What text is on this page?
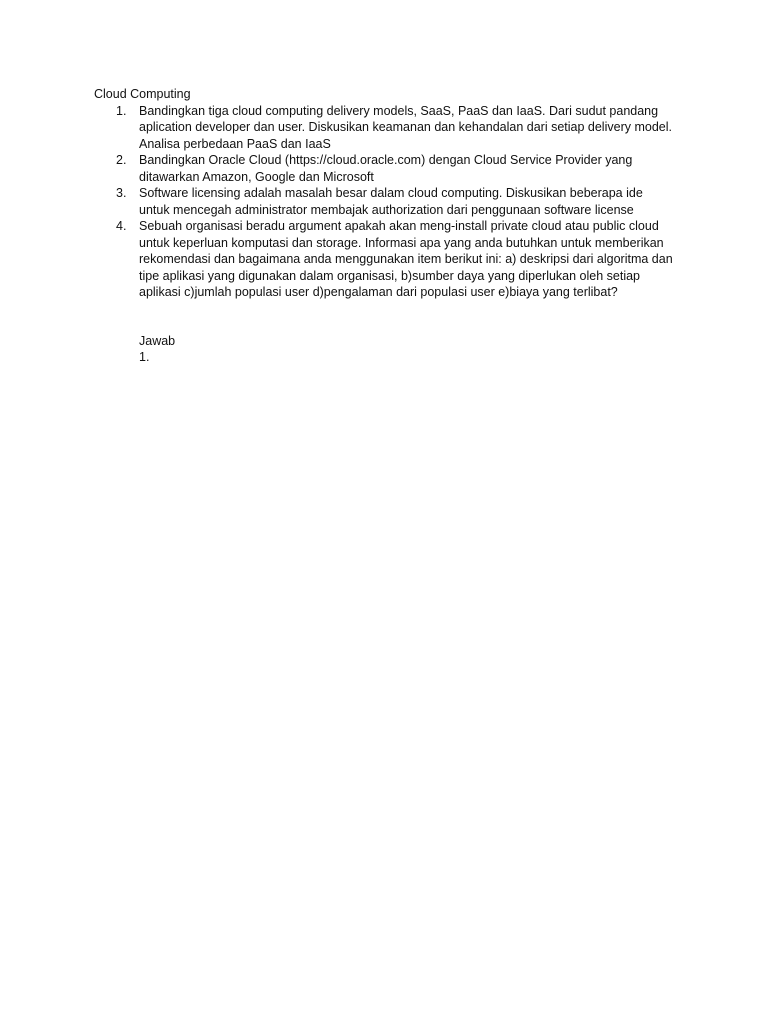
Cloud Computing
1. Bandingkan tiga cloud computing delivery models, SaaS, PaaS dan IaaS. Dari sudut pandang aplication developer dan user. Diskusikan keamanan dan kehandalan dari setiap delivery model. Analisa perbedaan PaaS dan IaaS
2. Bandingkan Oracle Cloud (https://cloud.oracle.com) dengan Cloud Service Provider yang ditawarkan Amazon, Google dan Microsoft
3. Software licensing adalah masalah besar dalam cloud computing. Diskusikan beberapa ide untuk mencegah administrator membajak authorization dari penggunaan software license
4. Sebuah organisasi beradu argument apakah akan meng-install private cloud atau public cloud untuk keperluan komputasi dan storage. Informasi apa yang anda butuhkan untuk memberikan rekomendasi dan bagaimana anda menggunakan item berikut ini: a) deskripsi dari algoritma dan tipe aplikasi yang digunakan dalam organisasi, b)sumber daya yang diperlukan oleh setiap aplikasi c)jumlah populasi user d)pengalaman dari populasi user e)biaya yang terlibat?
Jawab
1.
